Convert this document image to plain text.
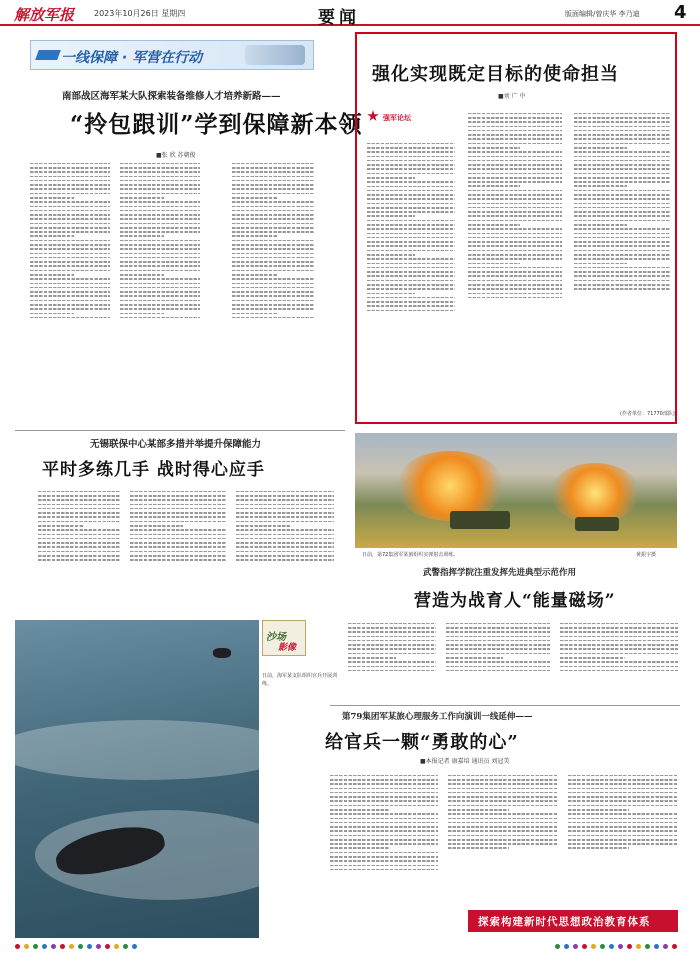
解放军报 2023年10月26日 星期四	要闻	版面编辑/曾庆华 李乃迪 4
一线保障 · 军营在行动
南部战区海军某大队探索装备维修人才培养新路——
“拎包跟训”学到保障新本领
■张 欣 苏朝俊
强化实现既定目标的使命担当
■刘 广 中
强军论坛
(作者单位：71770部队)
日前，第72集团军某旅组织实弹射击训练。	黄振宇摄
无锡联保中心某部多措并举提升保障能力
平时多练几手 战时得心应手
武警指挥学院注重发挥先进典型示范作用
营造为战育人“能量磁场”
沙场
影像
日前，海军某支队组织官兵开展训练。
第79集团军某旅心理服务工作向演训一线延伸——
给官兵一颗“勇敢的心”
■本报记者 康嘉培 通讯员 刘冠美
探索构建新时代思想政治教育体系
